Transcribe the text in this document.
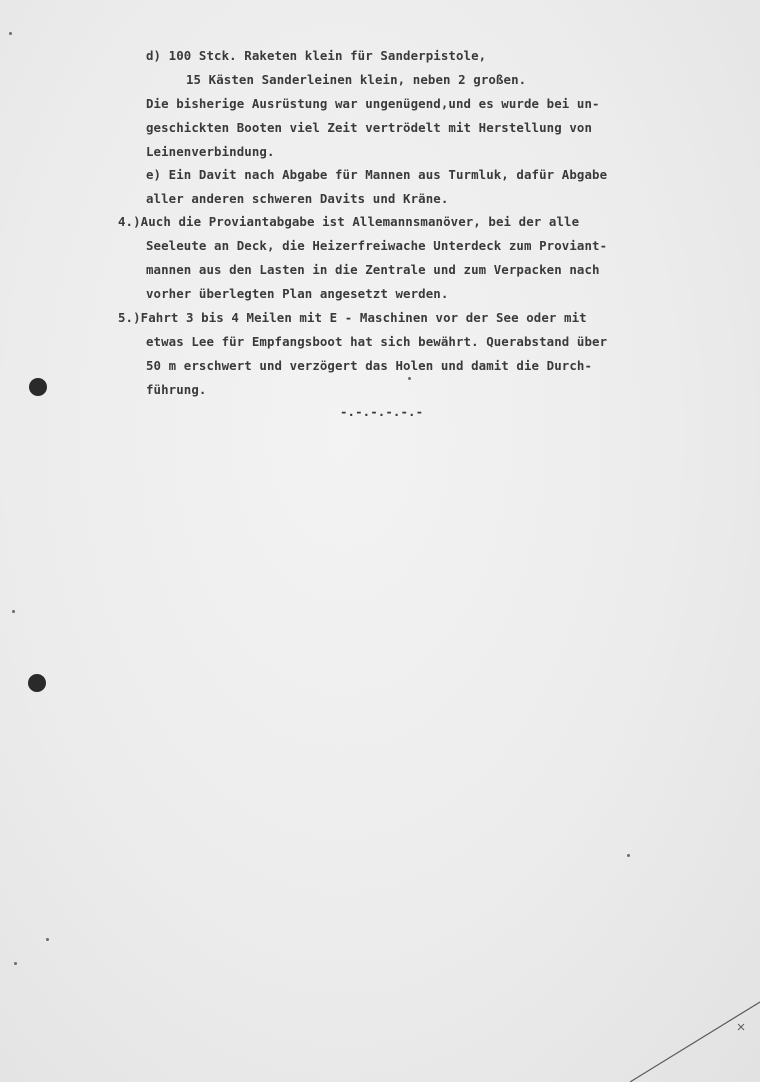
d) 100 Stck. Raketen klein für Sanderpistole,
15 Kästen Sanderleinen klein, neben 2 großen.
Die bisherige Ausrüstung war ungenügend,und es wurde bei un-
geschickten Booten viel Zeit vertrödelt mit Herstellung von
Leinenverbindung.
e) Ein Davit nach Abgabe für Mannen aus Turmluk, dafür Abgabe
aller anderen schweren Davits und Kräne.
4.)Auch die Proviantabgabe ist Allemannsmanöver, bei der alle
Seeleute an Deck, die Heizerfreiwache Unterdeck zum Proviant-
mannen aus den Lasten in die Zentrale und zum Verpacken nach
vorher überlegten Plan angesetzt werden.
5.)Fahrt 3 bis 4 Meilen mit E - Maschinen vor der See oder mit
etwas Lee für Empfangsboot hat sich bewährt. Querabstand über
50 m erschwert und verzögert das Holen und damit die Durch-
führung.
-.-.-.-.-.-
